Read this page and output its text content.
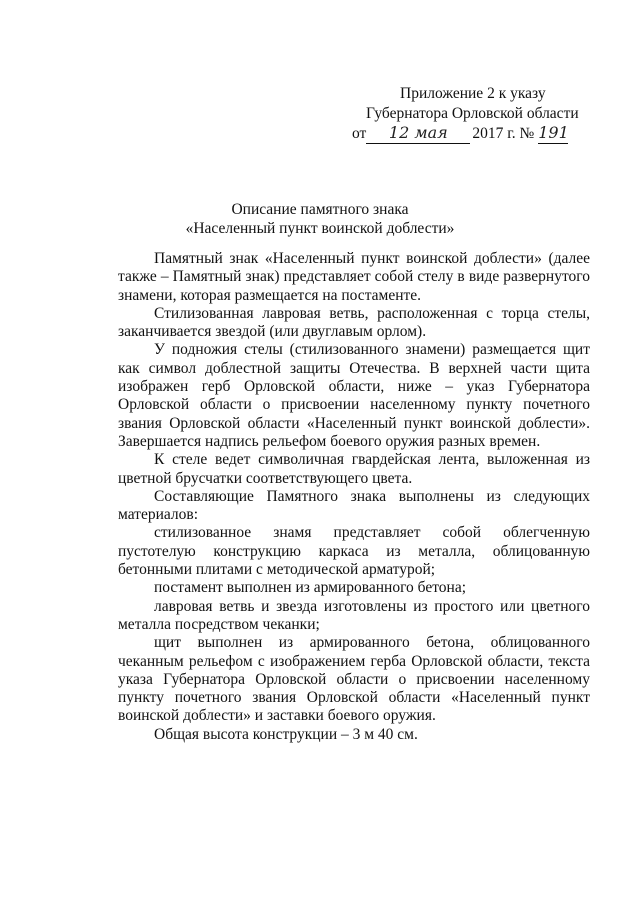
Приложение 2 к указу
Губернатора Орловской области
от 12 мая 2017 г. № 191
Описание памятного знака
«Населенный пункт воинской доблести»

Памятный знак «Населенный пункт воинской доблести» (далее также – Памятный знак) представляет собой стелу в виде развернутого знамени, которая размещается на постаменте.

Стилизованная лавровая ветвь, расположенная с торца стелы, заканчивается звездой (или двуглавым орлом).

У подножия стелы (стилизованного знамени) размещается щит как символ доблестной защиты Отечества. В верхней части щита изображен герб Орловской области, ниже – указ Губернатора Орловской области о присвоении населенному пункту почетного звания Орловской области «Населенный пункт воинской доблести». Завершается надпись рельефом боевого оружия разных времен.

К стеле ведет символичная гвардейская лента, выложенная из цветной брусчатки соответствующего цвета.

Составляющие Памятного знака выполнены из следующих материалов:

стилизованное знамя представляет собой облегченную пустотелую конструкцию каркаса из металла, облицованную бетонными плитами с методической арматурой;

постамент выполнен из армированного бетона;

лавровая ветвь и звезда изготовлены из простого или цветного металла посредством чеканки;

щит выполнен из армированного бетона, облицованного чеканным рельефом с изображением герба Орловской области, текста указа Губернатора Орловской области о присвоении населенному пункту почетного звания Орловской области «Населенный пункт воинской доблести» и заставки боевого оружия.

Общая высота конструкции – 3 м 40 см.
